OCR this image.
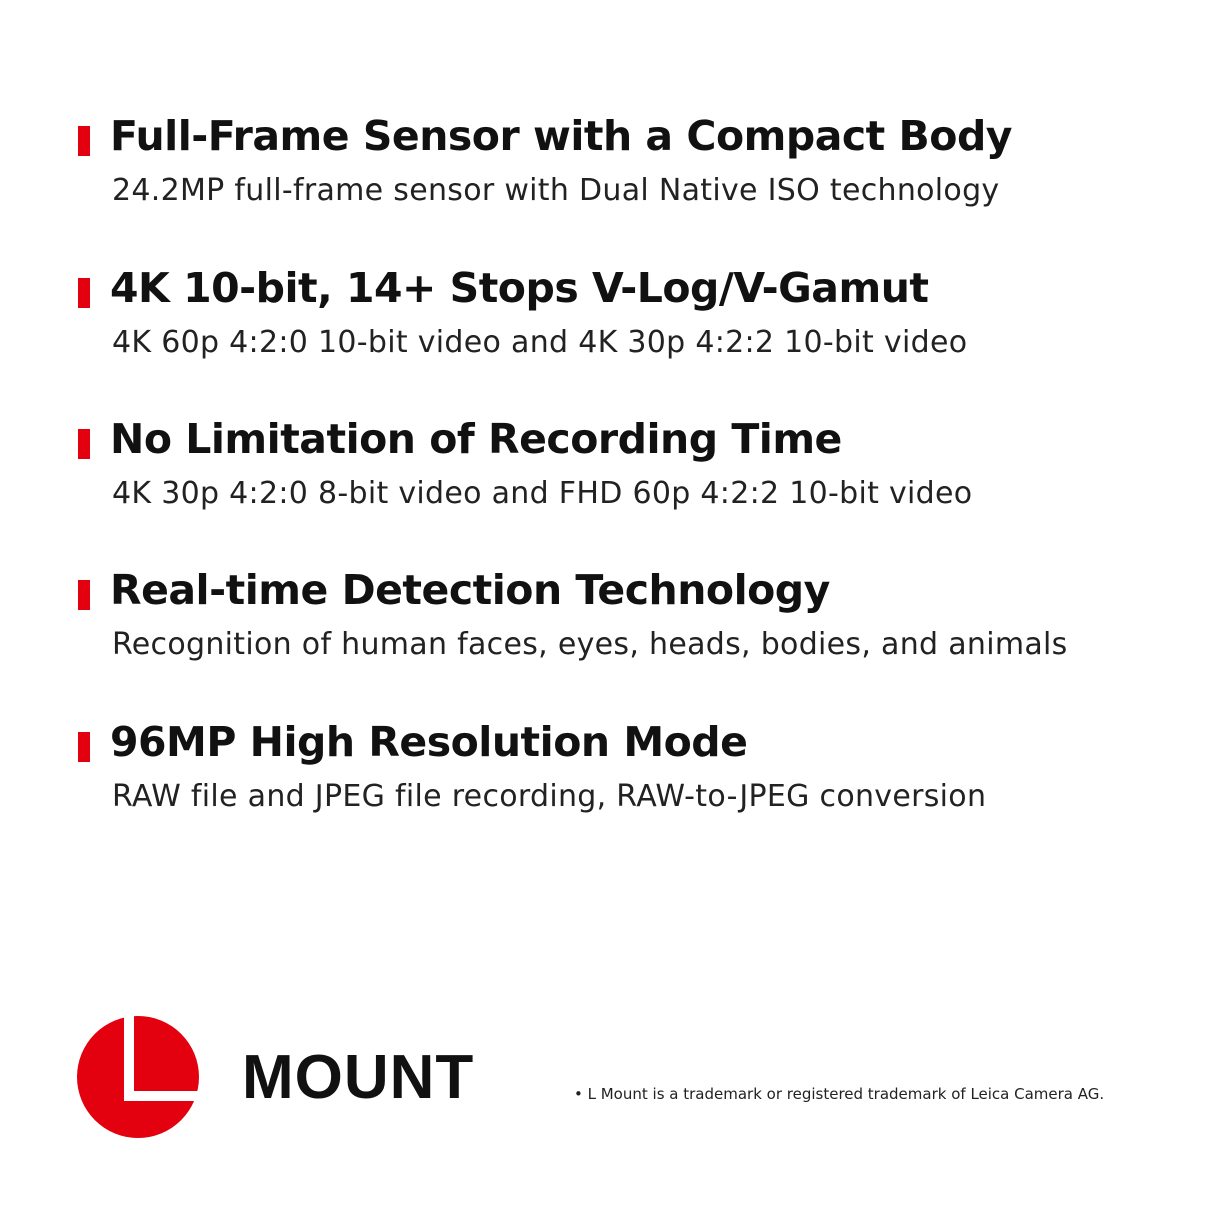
Full-Frame Sensor with a Compact Body
24.2MP full-frame sensor with Dual Native ISO technology
4K 10-bit, 14+ Stops V-Log/V-Gamut
4K 60p 4:2:0 10-bit video and 4K 30p 4:2:2 10-bit video
No Limitation of Recording Time
4K 30p 4:2:0 8-bit video and FHD 60p 4:2:2 10-bit video
Real-time Detection Technology
Recognition of human faces, eyes, heads, bodies, and animals
96MP High Resolution Mode
RAW file and JPEG file recording, RAW-to-JPEG conversion
MOUNT	• L Mount is a trademark or registered trademark of Leica Camera AG.
